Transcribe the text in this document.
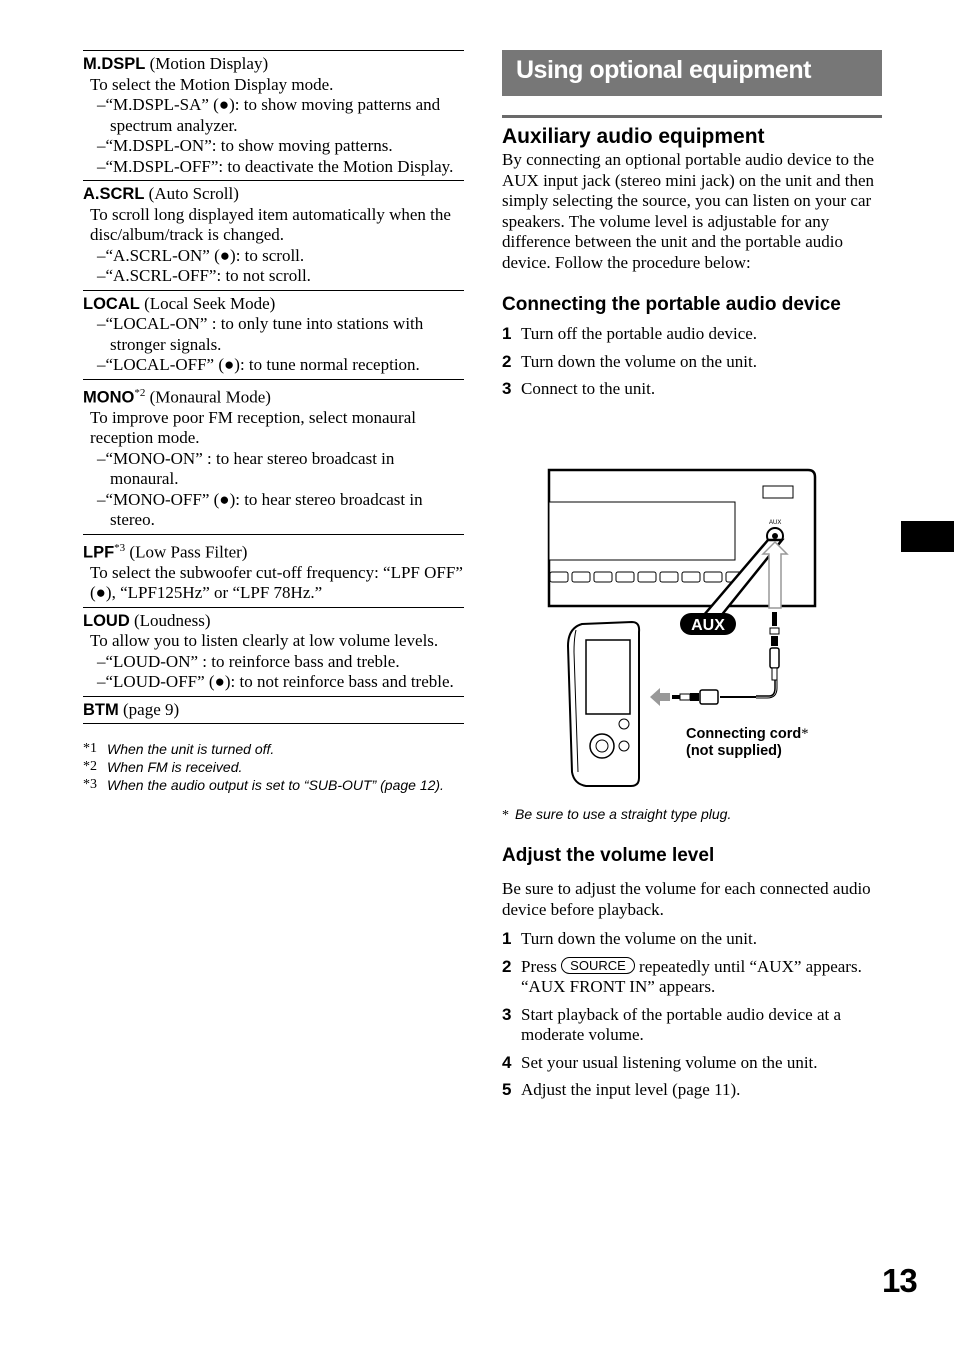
M.DSPL (Motion Display)
To select the Motion Display mode.
–“M.DSPL-SA” (●): to show moving patterns and spectrum analyzer.
–“M.DSPL-ON”: to show moving patterns.
–“M.DSPL-OFF”: to deactivate the Motion Display.
A.SCRL (Auto Scroll)
To scroll long displayed item automatically when the disc/album/track is changed.
–“A.SCRL-ON” (●): to scroll.
–“A.SCRL-OFF”: to not scroll.
LOCAL (Local Seek Mode)
–“LOCAL-ON” : to only tune into stations with stronger signals.
–“LOCAL-OFF” (●): to tune normal reception.
MONO$^{*2}$ (Monaural Mode)
To improve poor FM reception, select monaural reception mode.
–“MONO-ON” : to hear stereo broadcast in monaural.
–“MONO-OFF” (●): to hear stereo broadcast in stereo.
LPF$^{*3}$ (Low Pass Filter)
To select the subwoofer cut-off frequency: “LPF OFF” (●), “LPF125Hz” or “LPF 78Hz.”
LOUD (Loudness)
To allow you to listen clearly at low volume levels.
–“LOUD-ON” : to reinforce bass and treble.
–“LOUD-OFF” (●): to not reinforce bass and treble.
BTM (page 9)
*1 When the unit is turned off.
*2 When FM is received.
*3 When the audio output is set to “SUB-OUT” (page 12).
Using optional equipment
Auxiliary audio equipment

By connecting an optional portable audio device to the AUX input jack (stereo mini jack) on the unit and then simply selecting the source, you can listen on your car speakers. The volume level is adjustable for any difference between the unit and the portable audio device. Follow the procedure below:

Connecting the portable audio device
1 Turn off the portable audio device.
2 Turn down the volume on the unit.
3 Connect to the unit.
AUX
AUX
Connecting cord*
(not supplied)
* Be sure to use a straight type plug.
Adjust the volume level

Be sure to adjust the volume for each connected audio device before playback.

1 Turn down the volume on the unit.
2 Press SOURCE repeatedly until “AUX” appears.
“AUX FRONT IN” appears.
3 Start playback of the portable audio device at a moderate volume.
4 Set your usual listening volume on the unit.
5 Adjust the input level (page 11).
13
